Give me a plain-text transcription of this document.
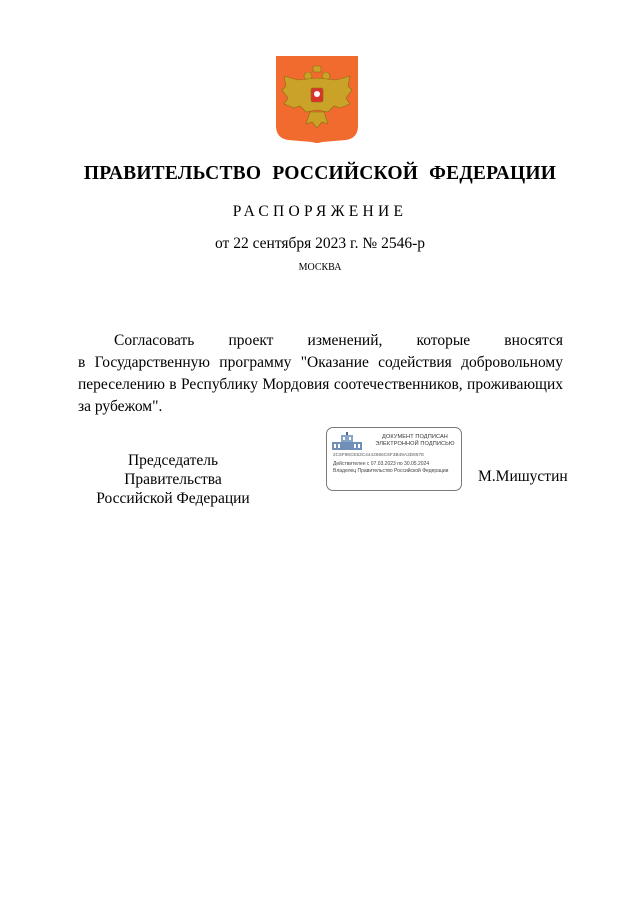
ПРАВИТЕЛЬСТВО РОССИЙСКОЙ ФЕДЕРАЦИИ
РАСПОРЯЖЕНИЕ
от 22 сентября 2023 г. № 2546-р
МОСКВА
Согласовать проект изменений, которые вносятся
в Государственную программу "Оказание содействия добровольному
переселению в Республику Мордовия соотечественников, проживающих
за рубежом".
Председатель Правительства
Российской Федерации
ДОКУМЕНТ ПОДПИСАН
ЭЛЕКТРОННОЙ ПОДПИСЬЮ
2C6F98CE53C4442666C6F3B49A3D867E
Действителен с 07.03.2023 по 30.05.2024
Владелец Правительство Российской Федерации	М.Мишустин
